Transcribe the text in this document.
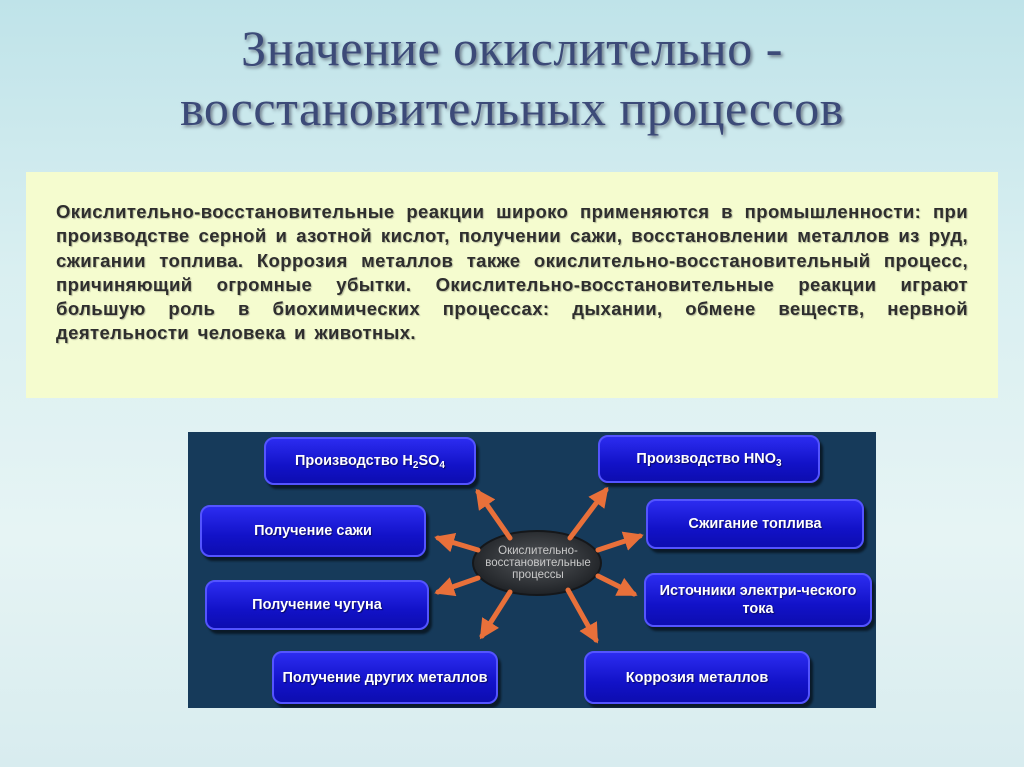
Значение окислительно -
восстановительных процессов

Окислительно-восстановительные реакции широко применяются в промышленности: при производстве серной и азотной кислот, получении сажи, восстановлении металлов из руд, сжигании топлива. Коррозия металлов также окислительно-восстановительный процесс, причиняющий огромные убытки. Окислительно-восстановительные реакции играют большую роль в биохимических процессах: дыхании, обмене веществ, нервной деятельности человека и животных.

Окислительно-восстановительные процессы
Производство $H_2SO_4$	Производство $HNO_3$
Получение сажи	Сжигание топлива
Получение чугуна
Источники электри-ческого тока
Получение других металлов	Коррозия металлов
